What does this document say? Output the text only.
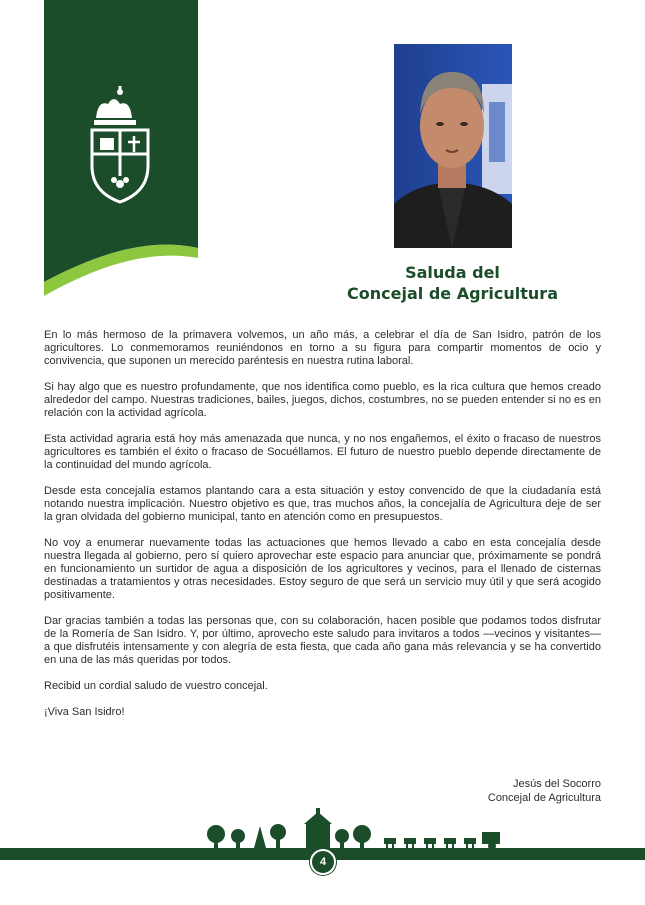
Saluda del
Concejal de Agricultura

En lo más hermoso de la primavera volvemos, un año más, a celebrar el día de San Isidro, patrón de los agricultores. Lo conmemoramos reuniéndonos en torno a su figura para compartir momentos de ocio y convivencia, que suponen un merecido paréntesis en nuestra rutina laboral.

Si hay algo que es nuestro profundamente, que nos identifica como pueblo, es la rica cultura que hemos creado alrededor del campo. Nuestras tradiciones, bailes, juegos, dichos, costumbres, no se pueden entender si no es en relación con la actividad agrícola.

Esta actividad agraria está hoy más amenazada que nunca, y no nos engañemos, el éxito o fracaso de nuestros agricultores es también el éxito o fracaso de Socuéllamos. El futuro de nuestro pueblo depende directamente de la continuidad del mundo agrícola.

Desde esta concejalía estamos plantando cara a esta situación y estoy convencido de que la ciudadanía está notando nuestra implicación. Nuestro objetivo es que, tras muchos años, la concejalía de Agricultura deje de ser la gran olvidada del gobierno municipal, tanto en atención como en presupuestos.

No voy a enumerar nuevamente todas las actuaciones que hemos llevado a cabo en esta concejalía desde nuestra llegada al gobierno, pero sí quiero aprovechar este espacio para anunciar que, próximamente se pondrá en funcionamiento un surtidor de agua a disposición de los agricultores y vecinos, para el llenado de cisternas destinadas a tratamientos y otras necesidades. Estoy seguro de que será un servicio muy útil y que será acogido positivamente.

Dar gracias también a todas las personas que, con su colaboración, hacen posible que podamos todos disfrutar de la Romería de San Isidro. Y, por último, aprovecho este saludo para invitaros a todos —vecinos y visitantes— a que disfrutéis intensamente y con alegría de esta fiesta, que cada año gana más relevancia y se ha convertido en una de las más queridas por todos.

Recibid un cordial saludo de vuestro concejal.

¡Viva San Isidro!

Jesús del Socorro
Concejal de Agricultura
4
